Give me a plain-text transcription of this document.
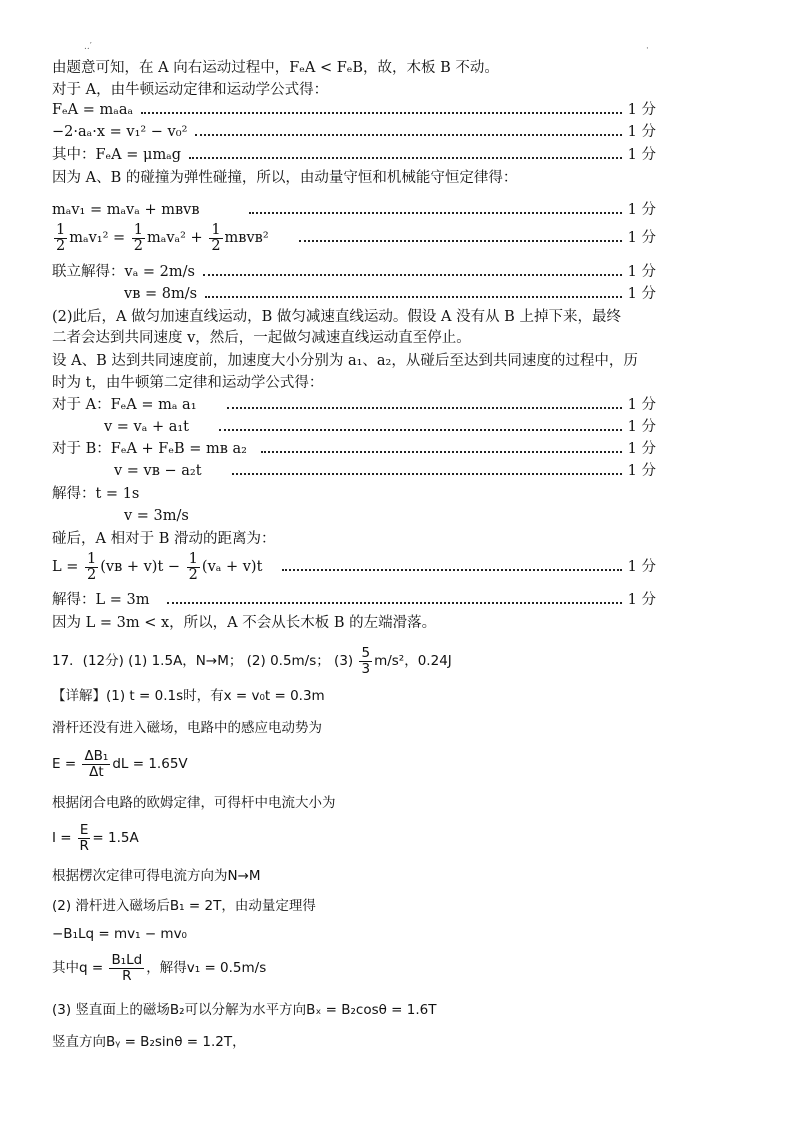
..′	·
由题意可知，在 A 向右运动过程中，FₑA < FₑB，故，木板 B 不动。
对于 A，由牛顿运动定律和运动学公式得：
FₑA = mₐaₐ	1 分
−2·aₐ·x = v₁² − v₀²	1 分
其中：FₑA = μmₐg	1 分
因为 A、B 的碰撞为弹性碰撞，所以，由动量守恒和机械能守恒定律得：
mₐv₁ = mₐvₐ + mʙvʙ	1 分
$\frac{1}{2} m_av_1^2 = \frac{1}{2} m_av_a^2 + \frac{1}{2}$ mʙvʙ²	1 分
联立解得：vₐ = 2m/s	1 分
vʙ = 8m/s	1 分
(2)此后，A 做匀加速直线运动，B 做匀减速直线运动。假设 A 没有从 B 上掉下来，最终
二者会达到共同速度 v，然后，一起做匀减速直线运动直至停止。
设 A、B 达到共同速度前，加速度大小分别为 a₁、a₂，从碰后至达到共同速度的过程中，历
时为 t，由牛顿第二定律和运动学公式得：
对于 A：FₑA = mₐ a₁	1 分
v = vₐ + a₁t	1 分
对于 B：FₑA + FₑB = mʙ a₂	1 分
v = vʙ − a₂t	1 分
解得：t = 1s
v = 3m/s
碰后，A 相对于 B 滑动的距离为：
$L = \frac{1}{2}$ (vʙ + $v)t - \frac{1}{2} (v_a + v)t$	1 分
解得：L = 3m	1 分
因为 L = 3m < x，所以，A 不会从长木板 B 的左端滑落。
17．(12分) (1) 1.5A，N→M； (2) 0.5m/s； $(3) \frac{5}{3} m/s^2$，0.24J
【详解】(1) t = 0.1s时，有x = v₀t = 0.3m
滑杆还没有进入磁场，电路中的感应电动势为
$E = \frac{\text{ΔB₁}}{\Delta t}$ dL = 1.65V
根据闭合电路的欧姆定律，可得杆中电流大小为
$I = \frac{E}{R} = 1.5A$
根据楞次定律可得电流方向为N→M
(2) 滑杆进入磁场后B₁ = 2T，由动量定理得
−B₁Lq = mv₁ − mv₀
其中$q = \frac{\text{B₁Ld}}{R}$ ，解得v₁ = 0.5m/s
(3) 竖直面上的磁场B₂可以分解为水平方向Bₓ = B₂cosθ = 1.6T
竖直方向Bᵧ = B₂sinθ = 1.2T，
